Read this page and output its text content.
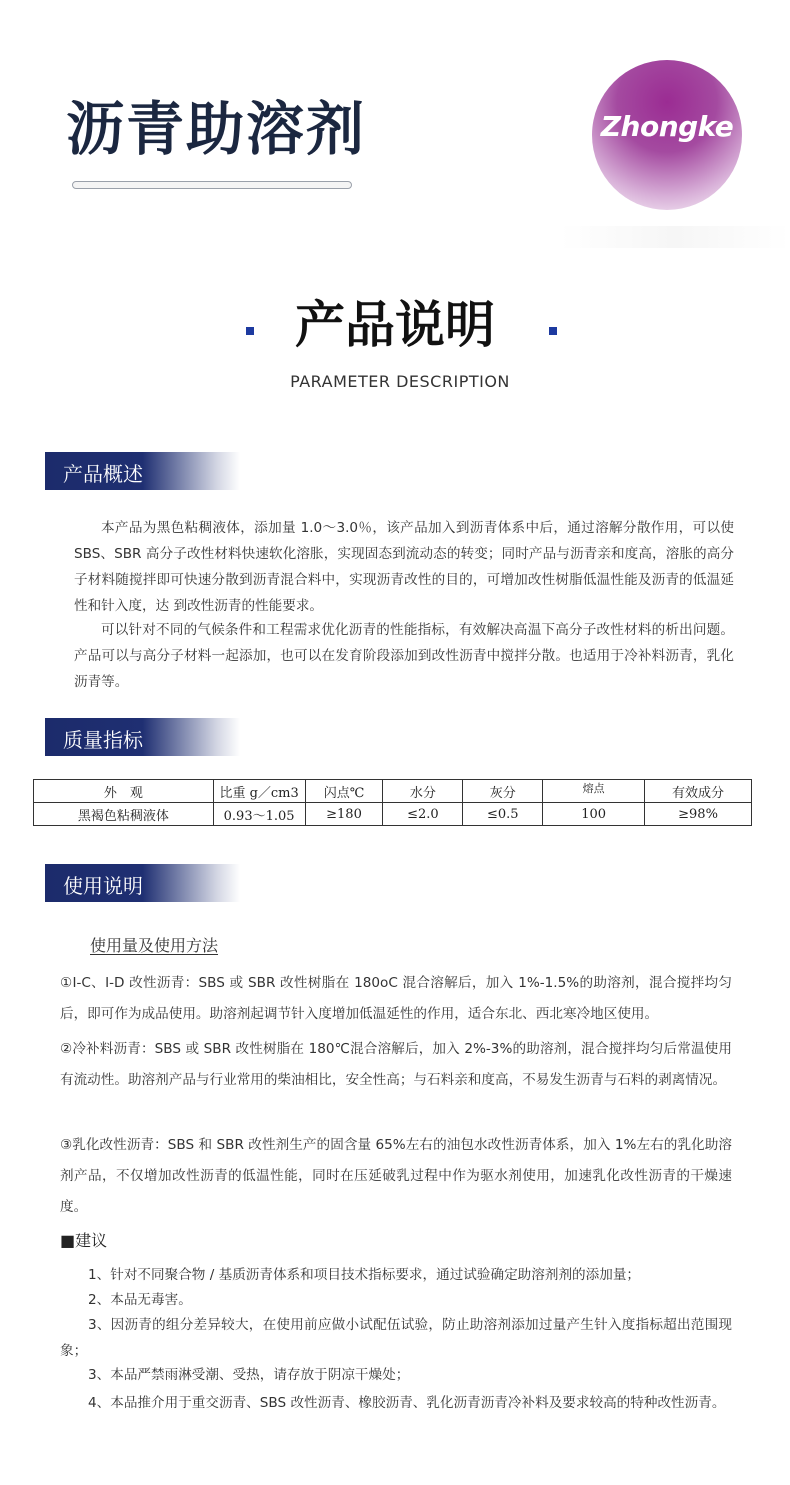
沥青助溶剂	Zhongke
产品说明
PARAMETER DESCRIPTION
产品概述
本产品为黑色粘稠液体，添加量 1.0～3.0％，该产品加入到沥青体系中后，通过溶解分散作用，可以使 SBS、SBR 高分子改性材料快速软化溶胀，实现固态到流动态的转变；同时产品与沥青亲和度高，溶胀的高分子材料随搅拌即可快速分散到沥青混合料中，实现沥青改性的目的，可增加改性树脂低温性能及沥青的低温延性和针入度，达 到改性沥青的性能要求。
可以针对不同的气候条件和工程需求优化沥青的性能指标，有效解决高温下高分子改性材料的析出问题。产品可以与高分子材料一起添加，也可以在发育阶段添加到改性沥青中搅拌分散。也适用于冷补料沥青，乳化沥青等。
质量指标
外　观	比重 g／cm3	闪点℃	水分	灰分	熔点	有效成分
黑褐色粘稠液体	0.93～1.05	≥180	≤2.0	≤0.5	100	≥98%
使用说明
使用量及使用方法
①I-C、I-D 改性沥青：SBS 或 SBR 改性树脂在 180oC 混合溶解后，加入 1%-1.5%的助溶剂，混合搅拌均匀后，即可作为成品使用。助溶剂起调节针入度增加低温延性的作用，适合东北、西北寒冷地区使用。
②冷补料沥青：SBS 或 SBR 改性树脂在 180℃混合溶解后，加入 2%-3%的助溶剂，混合搅拌均匀后常温使用有流动性。助溶剂产品与行业常用的柴油相比，安全性高；与石料亲和度高，不易发生沥青与石料的剥离情况。
③乳化改性沥青：SBS 和 SBR 改性剂生产的固含量 65%左右的油包水改性沥青体系，加入 1%左右的乳化助溶剂产品，不仅增加改性沥青的低温性能，同时在压延破乳过程中作为驱水剂使用，加速乳化改性沥青的干燥速度。
■建议
1、针对不同聚合物 / 基质沥青体系和项目技术指标要求，通过试验确定助溶剂剂的添加量；
2、本品无毒害。
3、因沥青的组分差异较大，在使用前应做小试配伍试验，防止助溶剂添加过量产生针入度指标超出范围现象；
3、本品严禁雨淋受潮、受热，请存放于阴凉干燥处；
4、本品推介用于重交沥青、SBS 改性沥青、橡胶沥青、乳化沥青沥青冷补料及要求较高的特种改性沥青。
